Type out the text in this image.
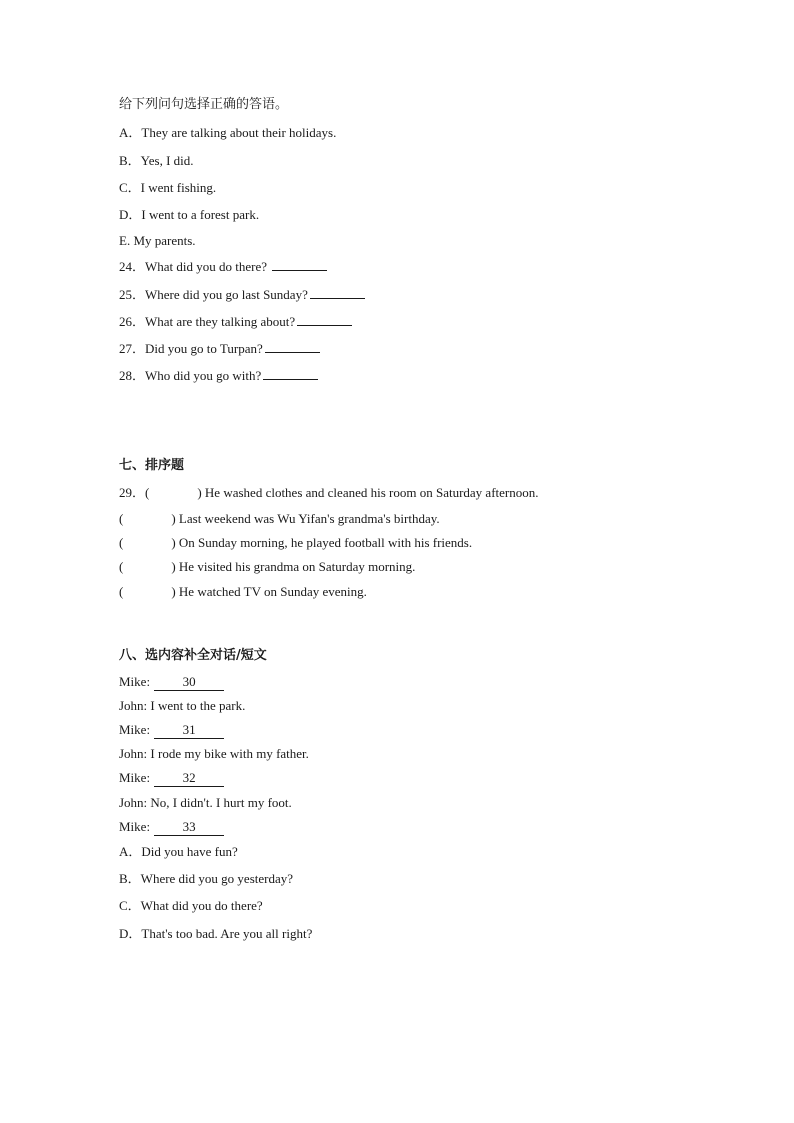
给下列问句选择正确的答语。
A．They are talking about their holidays.
B．Yes, I did.
C．I went fishing.
D．I went to a forest park.
E. My parents.
24．What did you do there?
25．Where did you go last Sunday?
26．What are they talking about?
27．Did you go to Turpan?
28．Who did you go with?
七、排序题
29．(	) He washed clothes and cleaned his room on Saturday afternoon.
(	) Last weekend was Wu Yifan's grandma's birthday.
(	) On Sunday morning, he played football with his friends.
(	) He visited his grandma on Saturday morning.
(	) He watched TV on Sunday evening.
八、选内容补全对话/短文
Mike:	30
John: I went to the park.
Mike:	31
John: I rode my bike with my father.
Mike:	32
John: No, I didn't. I hurt my foot.
Mike:	33
A．Did you have fun?
B．Where did you go yesterday?
C．What did you do there?
D．That's too bad. Are you all right?
